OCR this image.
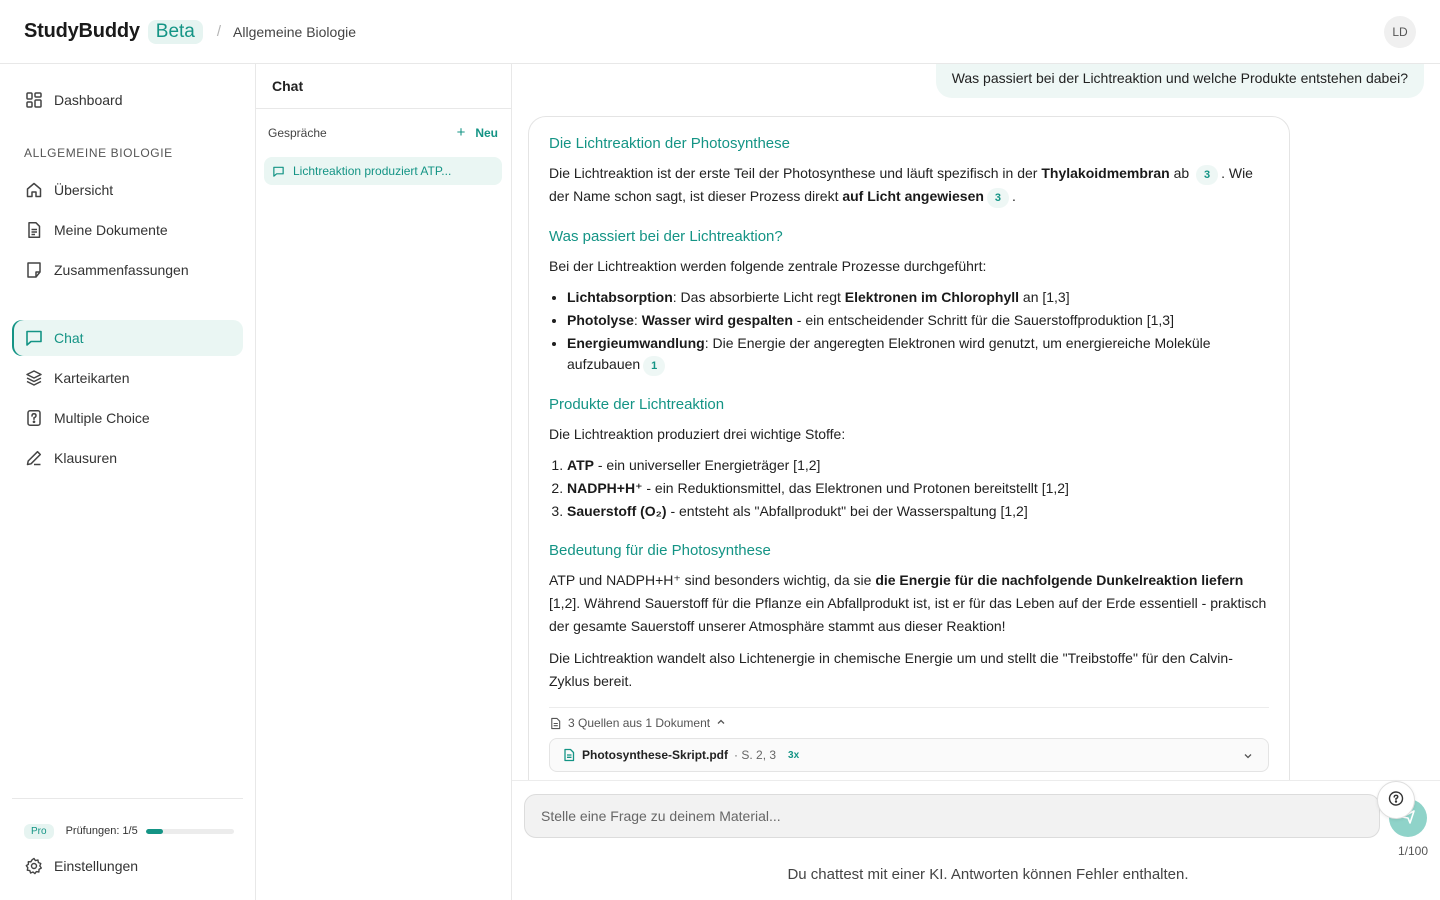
StudyBuddy Beta	/ Allgemeine Biologie	LD
Dashboard
ALLGEMEINE BIOLOGIE
Übersicht
Meine Dokumente
Zusammenfassungen
Chat
Karteikarten
Multiple Choice
Klausuren
Pro	Prüfungen: 1/5
Einstellungen
Chat
Gespräche	+ Neu
Lichtreaktion produziert ATP...
Was passiert bei der Lichtreaktion und welche Produkte entstehen dabei?
Die Lichtreaktion der Photosynthese

Die Lichtreaktion ist der erste Teil der Photosynthese und läuft spezifisch in der Thylakoidmembran ab 3 . Wie der Name schon sagt, ist dieser Prozess direkt auf Licht angewiesen 3 .

Was passiert bei der Lichtreaktion?

Bei der Lichtreaktion werden folgende zentrale Prozesse durchgeführt:

• Lichtabsorption: Das absorbierte Licht regt Elektronen im Chlorophyll an [1,3]
• Photolyse: Wasser wird gespalten - ein entscheidender Schritt für die Sauerstoffproduktion [1,3]
• Energieumwandlung: Die Energie der angeregten Elektronen wird genutzt, um energiereiche Moleküle aufzubauen 1
Produkte der Lichtreaktion

Die Lichtreaktion produziert drei wichtige Stoffe:

1. ATP - ein universeller Energieträger [1,2]
2. NADPH+H⁺ - ein Reduktionsmittel, das Elektronen und Protonen bereitstellt [1,2]
3. Sauerstoff (O₂) - entsteht als "Abfallprodukt" bei der Wasserspaltung [1,2]
Bedeutung für die Photosynthese

ATP und NADPH+H⁺ sind besonders wichtig, da sie die Energie für die nachfolgende Dunkelreaktion liefern [1,2]. Während Sauerstoff für die Pflanze ein Abfallprodukt ist, ist er für das Leben auf der Erde essentiell - praktisch der gesamte Sauerstoff unserer Atmosphäre stammt aus dieser Reaktion!

Die Lichtreaktion wandelt also Lichtenergie in chemische Energie um und stellt die "Treibstoffe" für den Calvin-Zyklus bereit.

3 Quellen aus 1 Dokument
Photosynthese-Skript.pdf · S. 2, 3 3x
Stelle eine Frage zu deinem Material...
1/100
Du chattest mit einer KI. Antworten können Fehler enthalten.
